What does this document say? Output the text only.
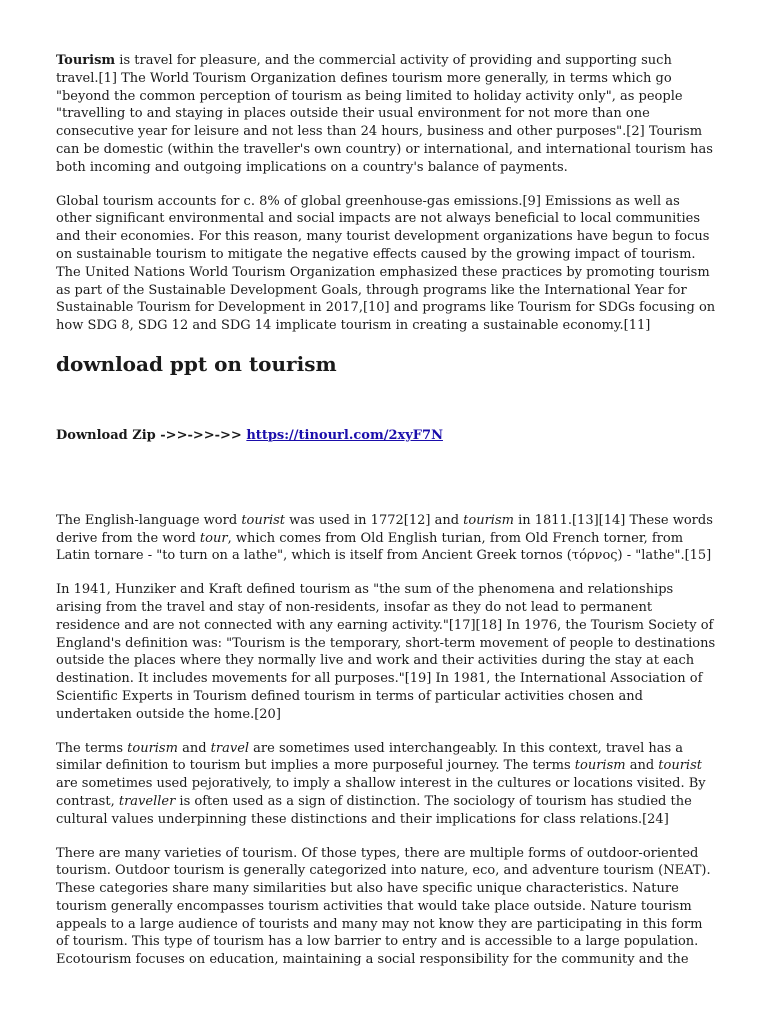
Tourism is travel for pleasure, and the commercial activity of providing and supporting such travel.[1] The World Tourism Organization defines tourism more generally, in terms which go "beyond the common perception of tourism as being limited to holiday activity only", as people "travelling to and staying in places outside their usual environment for not more than one consecutive year for leisure and not less than 24 hours, business and other purposes".[2] Tourism can be domestic (within the traveller's own country) or international, and international tourism has both incoming and outgoing implications on a country's balance of payments.

Global tourism accounts for c. 8% of global greenhouse-gas emissions.[9] Emissions as well as other significant environmental and social impacts are not always beneficial to local communities and their economies. For this reason, many tourist development organizations have begun to focus on sustainable tourism to mitigate the negative effects caused by the growing impact of tourism. The United Nations World Tourism Organization emphasized these practices by promoting tourism as part of the Sustainable Development Goals, through programs like the International Year for Sustainable Tourism for Development in 2017,[10] and programs like Tourism for SDGs focusing on how SDG 8, SDG 12 and SDG 14 implicate tourism in creating a sustainable economy.[11]

download ppt on tourism
Download Zip ->>->>->> https://tinourl.com/2xyF7N

The English-language word tourist was used in 1772[12] and tourism in 1811.[13][14] These words derive from the word tour, which comes from Old English turian, from Old French torner, from Latin tornare - "to turn on a lathe", which is itself from Ancient Greek tornos (τόρνος) - "lathe".[15]

In 1941, Hunziker and Kraft defined tourism as "the sum of the phenomena and relationships arising from the travel and stay of non-residents, insofar as they do not lead to permanent residence and are not connected with any earning activity."[17][18] In 1976, the Tourism Society of England's definition was: "Tourism is the temporary, short-term movement of people to destinations outside the places where they normally live and work and their activities during the stay at each destination. It includes movements for all purposes."[19] In 1981, the International Association of Scientific Experts in Tourism defined tourism in terms of particular activities chosen and undertaken outside the home.[20]

The terms tourism and travel are sometimes used interchangeably. In this context, travel has a similar definition to tourism but implies a more purposeful journey. The terms tourism and tourist are sometimes used pejoratively, to imply a shallow interest in the cultures or locations visited. By contrast, traveller is often used as a sign of distinction. The sociology of tourism has studied the cultural values underpinning these distinctions and their implications for class relations.[24]

There are many varieties of tourism. Of those types, there are multiple forms of outdoor-oriented tourism. Outdoor tourism is generally categorized into nature, eco, and adventure tourism (NEAT). These categories share many similarities but also have specific unique characteristics. Nature tourism generally encompasses tourism activities that would take place outside. Nature tourism appeals to a large audience of tourists and many may not know they are participating in this form of tourism. This type of tourism has a low barrier to entry and is accessible to a large population. Ecotourism focuses on education, maintaining a social responsibility for the community and the
